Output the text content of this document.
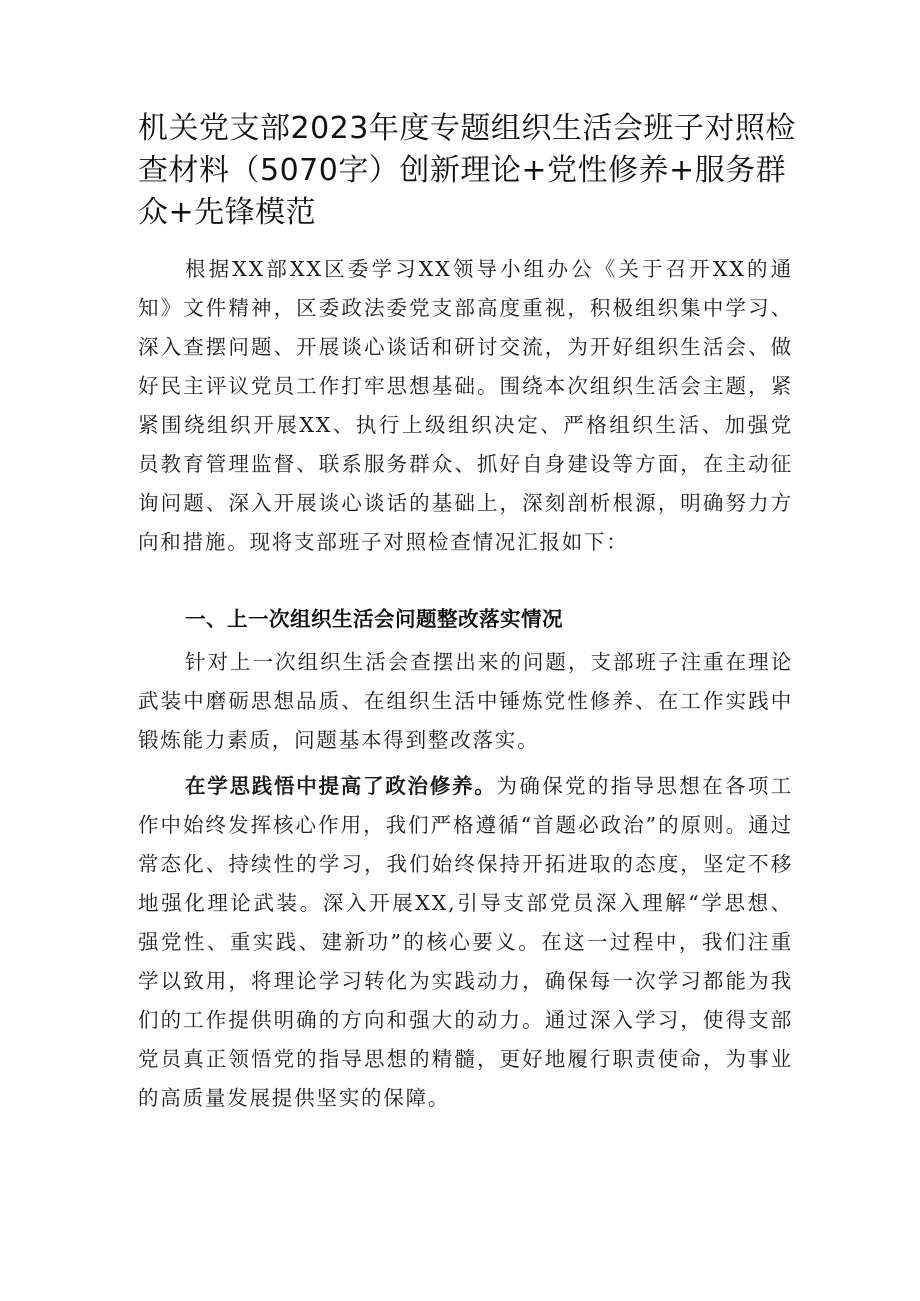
机关党支部2023年度专题组织生活会班子对照检查材料（5070字）创新理论+党性修养+服务群众+先锋模范

根据XX部XX区委学习XX领导小组办公《关于召开XX的通知》文件精神，区委政法委党支部高度重视，积极组织集中学习、深入查摆问题、开展谈心谈话和研讨交流，为开好组织生活会、做好民主评议党员工作打牢思想基础。围绕本次组织生活会主题，紧紧围绕组织开展XX、执行上级组织决定、严格组织生活、加强党员教育管理监督、联系服务群众、抓好自身建设等方面，在主动征询问题、深入开展谈心谈话的基础上，深刻剖析根源，明确努力方向和措施。现将支部班子对照检查情况汇报如下：

一、上一次组织生活会问题整改落实情况

针对上一次组织生活会查摆出来的问题，支部班子注重在理论武装中磨砺思想品质、在组织生活中锤炼党性修养、在工作实践中锻炼能力素质，问题基本得到整改落实。

在学思践悟中提高了政治修养。为确保党的指导思想在各项工作中始终发挥核心作用，我们严格遵循“首题必政治”的原则。通过常态化、持续性的学习，我们始终保持开拓进取的态度，坚定不移地强化理论武装。深入开展XX,引导支部党员深入理解“学思想、强党性、重实践、建新功”的核心要义。在这一过程中，我们注重学以致用，将理论学习转化为实践动力，确保每一次学习都能为我们的工作提供明确的方向和强大的动力。通过深入学习，使得支部党员真正领悟党的指导思想的精髓，更好地履行职责使命，为事业的高质量发展提供坚实的保障。
